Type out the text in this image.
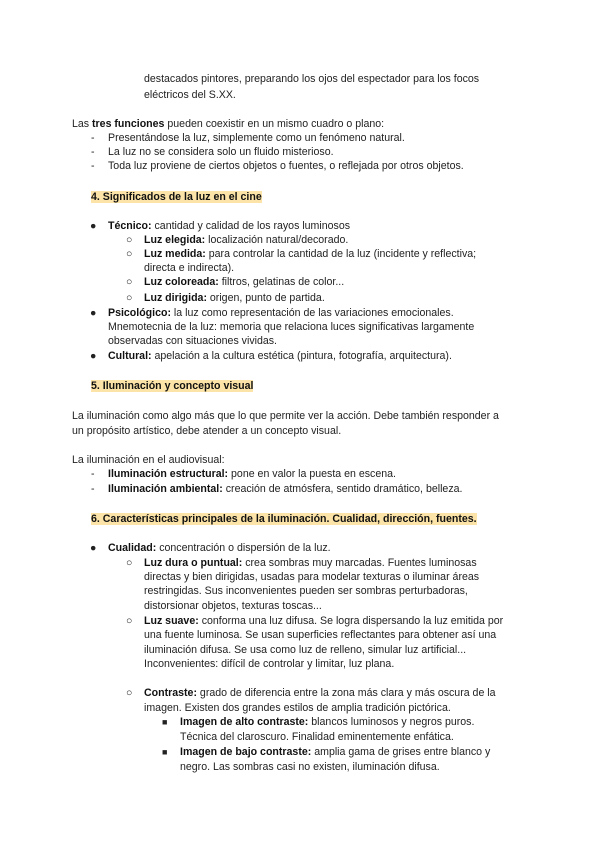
destacados pintores, preparando los ojos del espectador para los focos
eléctricos del S.XX.
Las tres funciones pueden coexistir en un mismo cuadro o plano:
- Presentándose la luz, simplemente como un fenómeno natural.
- La luz no se considera solo un fluido misterioso.
- Toda luz proviene de ciertos objetos o fuentes, o reflejada por otros objetos.
4. Significados de la luz en el cine
● Técnico: cantidad y calidad de los rayos luminosos
○ Luz elegida: localización natural/decorado.
○ Luz medida: para controlar la cantidad de la luz (incidente y reflectiva;
directa e indirecta).
○ Luz coloreada: filtros, gelatinas de color...
○ Luz dirigida: origen, punto de partida.
● Psicológico: la luz como representación de las variaciones emocionales.
Mnemotecnia de la luz: memoria que relaciona luces significativas largamente
observadas con situaciones vividas.
● Cultural: apelación a la cultura estética (pintura, fotografía, arquitectura).
5. Iluminación y concepto visual
La iluminación como algo más que lo que permite ver la acción. Debe también responder a
un propósito artístico, debe atender a un concepto visual.
La iluminación en el audiovisual:
- Iluminación estructural: pone en valor la puesta en escena.
- Iluminación ambiental: creación de atmósfera, sentido dramático, belleza.
6. Características principales de la iluminación. Cualidad, dirección, fuentes.
● Cualidad: concentración o dispersión de la luz.
○ Luz dura o puntual: crea sombras muy marcadas. Fuentes luminosas
directas y bien dirigidas, usadas para modelar texturas o iluminar áreas
restringidas. Sus inconvenientes pueden ser sombras perturbadoras,
distorsionar objetos, texturas toscas...
○ Luz suave: conforma una luz difusa. Se logra dispersando la luz emitida por
una fuente luminosa. Se usan superficies reflectantes para obtener así una
iluminación difusa. Se usa como luz de relleno, simular luz artificial...
Inconvenientes: difícil de controlar y limitar, luz plana.
○ Contraste: grado de diferencia entre la zona más clara y más oscura de la
imagen. Existen dos grandes estilos de amplia tradición pictórica.
■ Imagen de alto contraste: blancos luminosos y negros puros.
Técnica del claroscuro. Finalidad eminentemente enfática.
■ Imagen de bajo contraste: amplia gama de grises entre blanco y
negro. Las sombras casi no existen, iluminación difusa.
